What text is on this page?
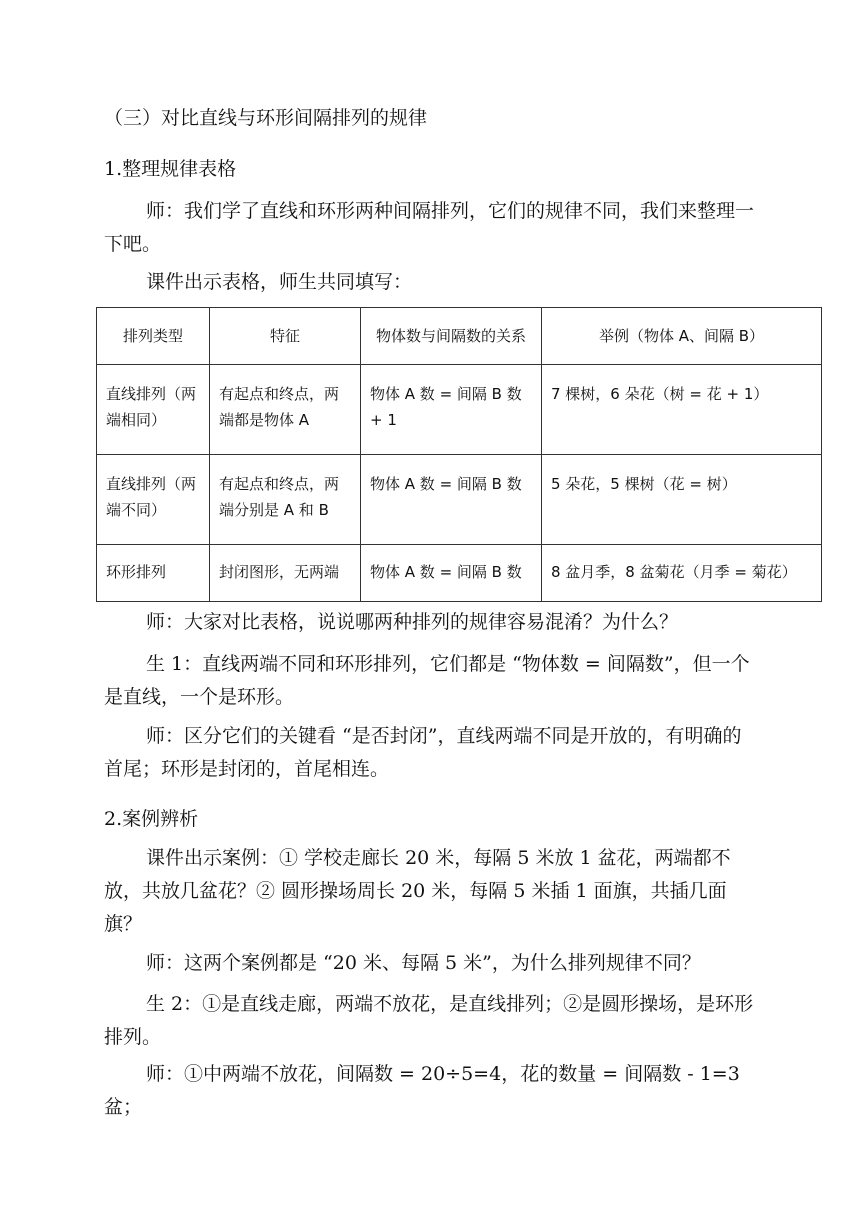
（三）对比直线与环形间隔排列的规律

1.整理规律表格

师：我们学了直线和环形两种间隔排列，它们的规律不同，我们来整理一下吧。

课件出示表格，师生共同填写：

排列类型	特征	物体数与间隔数的关系	举例（物体 A、间隔 B）
直线排列（两端相同）	有起点和终点，两端都是物体 A	物体 A 数 = 间隔 B 数 + 1	7 棵树，6 朵花（树 = 花 + 1）
直线排列（两端不同）	有起点和终点，两端分别是 A 和 B	物体 A 数 = 间隔 B 数	5 朵花，5 棵树（花 = 树）
环形排列	封闭图形，无两端	物体 A 数 = 间隔 B 数	8 盆月季，8 盆菊花（月季 = 菊花）

师：大家对比表格，说说哪两种排列的规律容易混淆？为什么？

生 1：直线两端不同和环形排列，它们都是 “物体数 = 间隔数”，但一个是直线，一个是环形。

师：区分它们的关键看 “是否封闭”，直线两端不同是开放的，有明确的首尾；环形是封闭的，首尾相连。

2.案例辨析

课件出示案例：① 学校走廊长 20 米，每隔 5 米放 1 盆花，两端都不放，共放几盆花？② 圆形操场周长 20 米，每隔 5 米插 1 面旗，共插几面旗？

师：这两个案例都是 “20 米、每隔 5 米”，为什么排列规律不同？

生 2：①是直线走廊，两端不放花，是直线排列；②是圆形操场，是环形排列。

师：①中两端不放花，间隔数 = 20÷5=4，花的数量 = 间隔数 - 1=3 盆；
